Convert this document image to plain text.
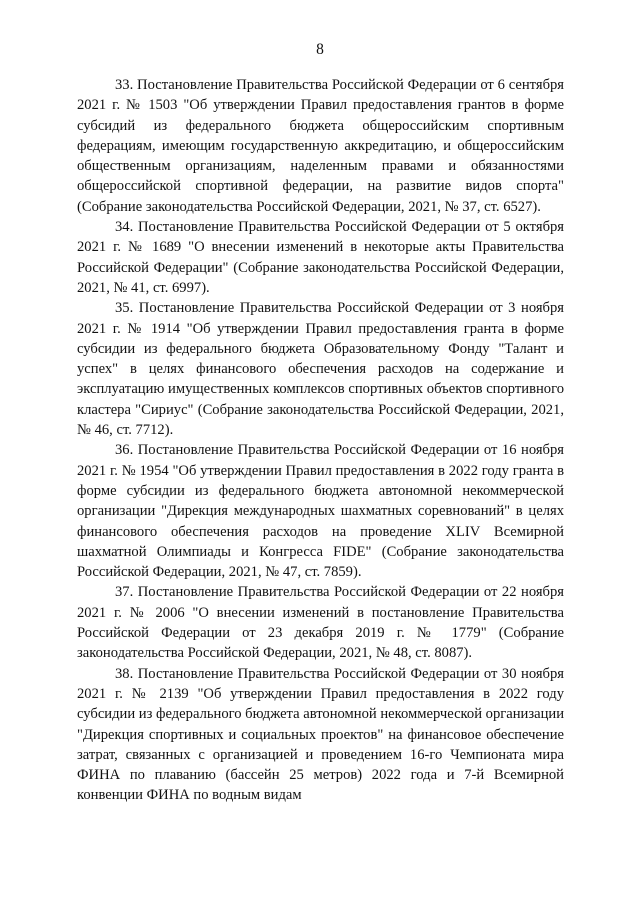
8

33. Постановление Правительства Российской Федерации от 6 сентября 2021 г. № 1503 "Об утверждении Правил предоставления грантов в форме субсидий из федерального бюджета общероссийским спортивным федерациям, имеющим государственную аккредитацию, и общероссийским общественным организациям, наделенным правами и обязанностями общероссийской спортивной федерации, на развитие видов спорта" (Собрание законодательства Российской Федерации, 2021, № 37, ст. 6527).

34. Постановление Правительства Российской Федерации от 5 октября 2021 г. № 1689 "О внесении изменений в некоторые акты Правительства Российской Федерации" (Собрание законодательства Российской Федерации, 2021, № 41, ст. 6997).

35. Постановление Правительства Российской Федерации от 3 ноября 2021 г. № 1914 "Об утверждении Правил предоставления гранта в форме субсидии из федерального бюджета Образовательному Фонду "Талант и успех" в целях финансового обеспечения расходов на содержание и эксплуатацию имущественных комплексов спортивных объектов спортивного кластера "Сириус" (Собрание законодательства Российской Федерации, 2021, № 46, ст. 7712).

36. Постановление Правительства Российской Федерации от 16 ноября 2021 г. № 1954 "Об утверждении Правил предоставления в 2022 году гранта в форме субсидии из федерального бюджета автономной некоммерческой организации "Дирекция международных шахматных соревнований" в целях финансового обеспечения расходов на проведение XLIV Всемирной шахматной Олимпиады и Конгресса FIDE" (Собрание законодательства Российской Федерации, 2021, № 47, ст. 7859).

37. Постановление Правительства Российской Федерации от 22 ноября 2021 г. № 2006 "О внесении изменений в постановление Правительства Российской Федерации от 23 декабря 2019 г. № 1779" (Собрание законодательства Российской Федерации, 2021, № 48, ст. 8087).

38. Постановление Правительства Российской Федерации от 30 ноября 2021 г. № 2139 "Об утверждении Правил предоставления в 2022 году субсидии из федерального бюджета автономной некоммерческой организации "Дирекция спортивных и социальных проектов" на финансовое обеспечение затрат, связанных с организацией и проведением 16-го Чемпионата мира ФИНА по плаванию (бассейн 25 метров) 2022 года и 7-й Всемирной конвенции ФИНА по водным видам
